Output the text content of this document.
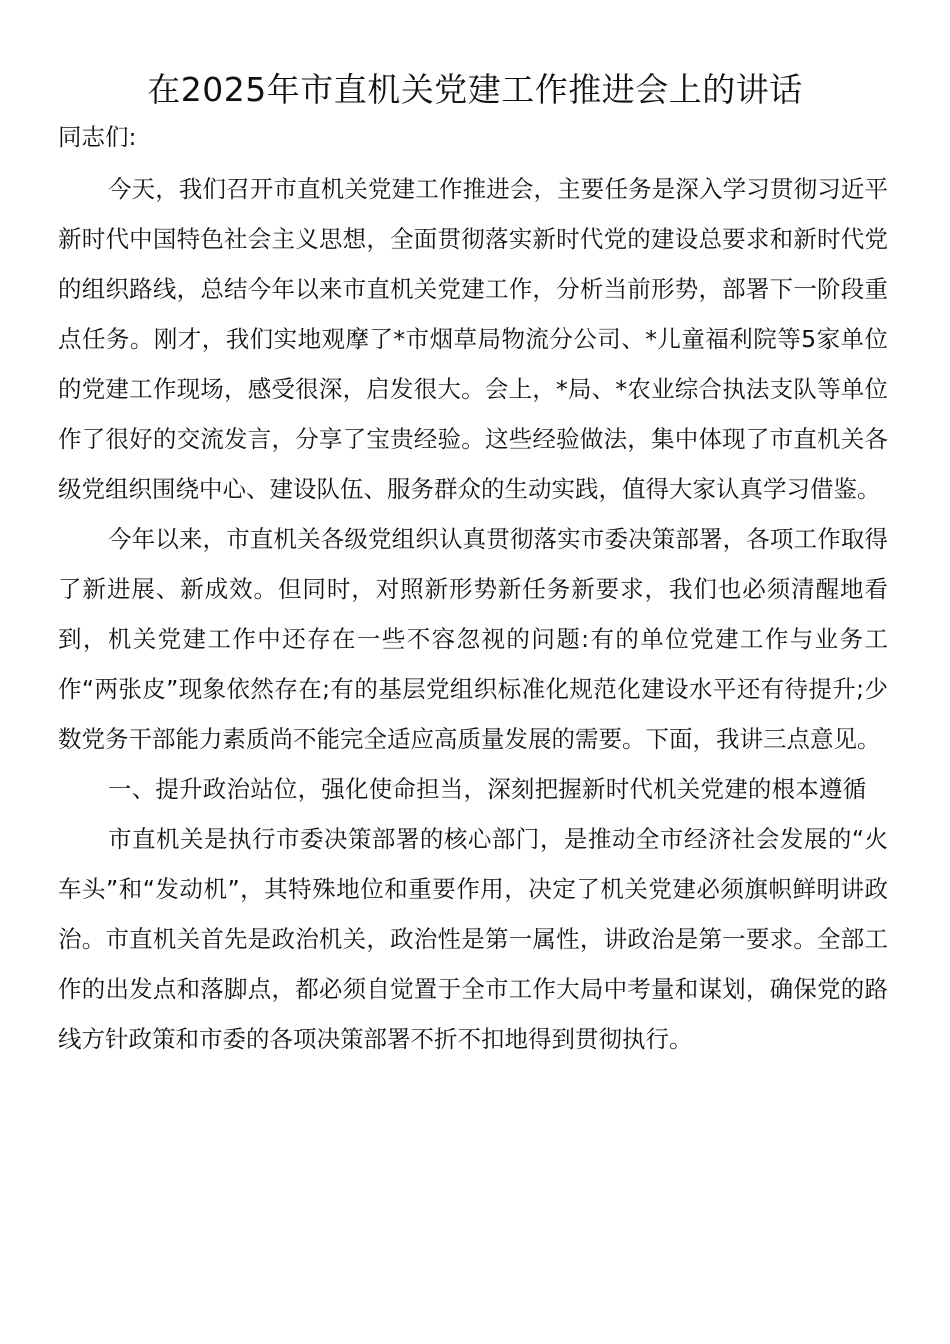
在2025年市直机关党建工作推进会上的讲话

同志们:

今天，我们召开市直机关党建工作推进会，主要任务是深入学习贯彻习近平新时代中国特色社会主义思想，全面贯彻落实新时代党的建设总要求和新时代党的组织路线，总结今年以来市直机关党建工作，分析当前形势，部署下一阶段重点任务。刚才，我们实地观摩了*市烟草局物流分公司、*儿童福利院等5家单位的党建工作现场，感受很深，启发很大。会上，*局、*农业综合执法支队等单位作了很好的交流发言，分享了宝贵经验。这些经验做法，集中体现了市直机关各级党组织围绕中心、建设队伍、服务群众的生动实践，值得大家认真学习借鉴。

今年以来，市直机关各级党组织认真贯彻落实市委决策部署，各项工作取得了新进展、新成效。但同时，对照新形势新任务新要求，我们也必须清醒地看到，机关党建工作中还存在一些不容忽视的问题:有的单位党建工作与业务工作“两张皮”现象依然存在;有的基层党组织标准化规范化建设水平还有待提升;少数党务干部能力素质尚不能完全适应高质量发展的需要。下面，我讲三点意见。

一、提升政治站位，强化使命担当，深刻把握新时代机关党建的根本遵循

市直机关是执行市委决策部署的核心部门，是推动全市经济社会发展的“火车头”和“发动机”，其特殊地位和重要作用，决定了机关党建必须旗帜鲜明讲政治。市直机关首先是政治机关，政治性是第一属性，讲政治是第一要求。全部工作的出发点和落脚点，都必须自觉置于全市工作大局中考量和谋划，确保党的路线方针政策和市委的各项决策部署不折不扣地得到贯彻执行。
